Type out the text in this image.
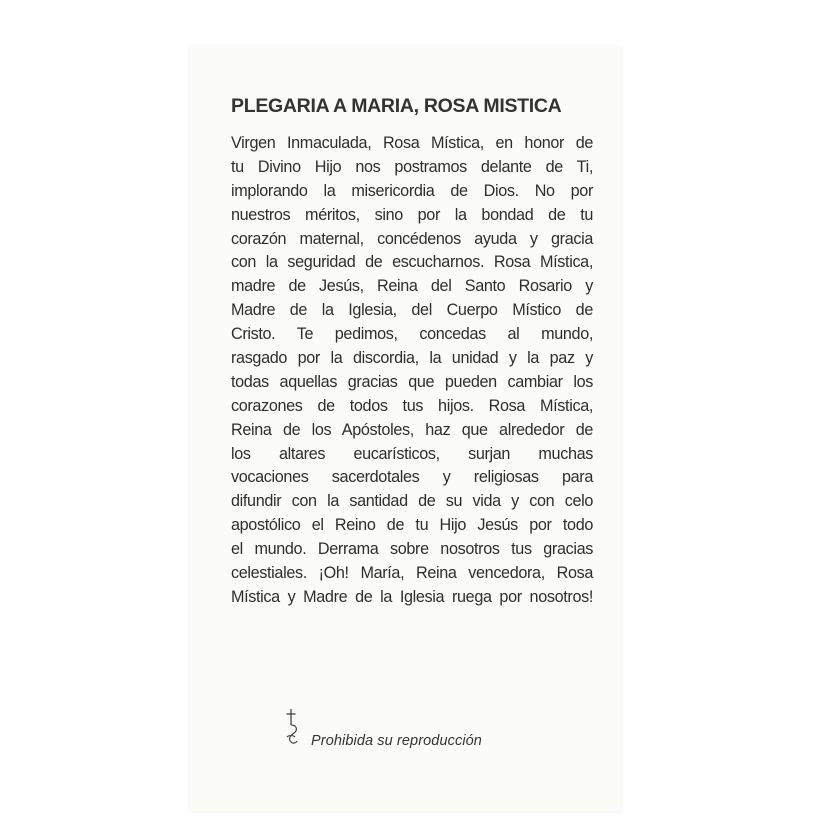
PLEGARIA A MARIA, ROSA MISTICA
Virgen Inmaculada, Rosa Mística, en honor de
tu Divino Hijo nos postramos delante de Ti,
implorando la misericordia de Dios. No por
nuestros méritos, sino por la bondad de tu
corazón maternal, concédenos ayuda y gracia
con la seguridad de escucharnos. Rosa Mística,
madre de Jesús, Reina del Santo Rosario y
Madre de la Iglesia, del Cuerpo Místico de
Cristo. Te pedimos, concedas al mundo,
rasgado por la discordia, la unidad y la paz y
todas aquellas gracias que pueden cambiar los
corazones de todos tus hijos. Rosa Mística,
Reina de los Apóstoles, haz que alrededor de
los altares eucarísticos, surjan muchas
vocaciones sacerdotales y religiosas para
difundir con la santidad de su vida y con celo
apostólico el Reino de tu Hijo Jesús por todo
el mundo. Derrama sobre nosotros tus gracias
celestiales. ¡Oh! María, Reina vencedora, Rosa
Mística y Madre de la Iglesia ruega por nosotros!
Prohibida su reproducción
